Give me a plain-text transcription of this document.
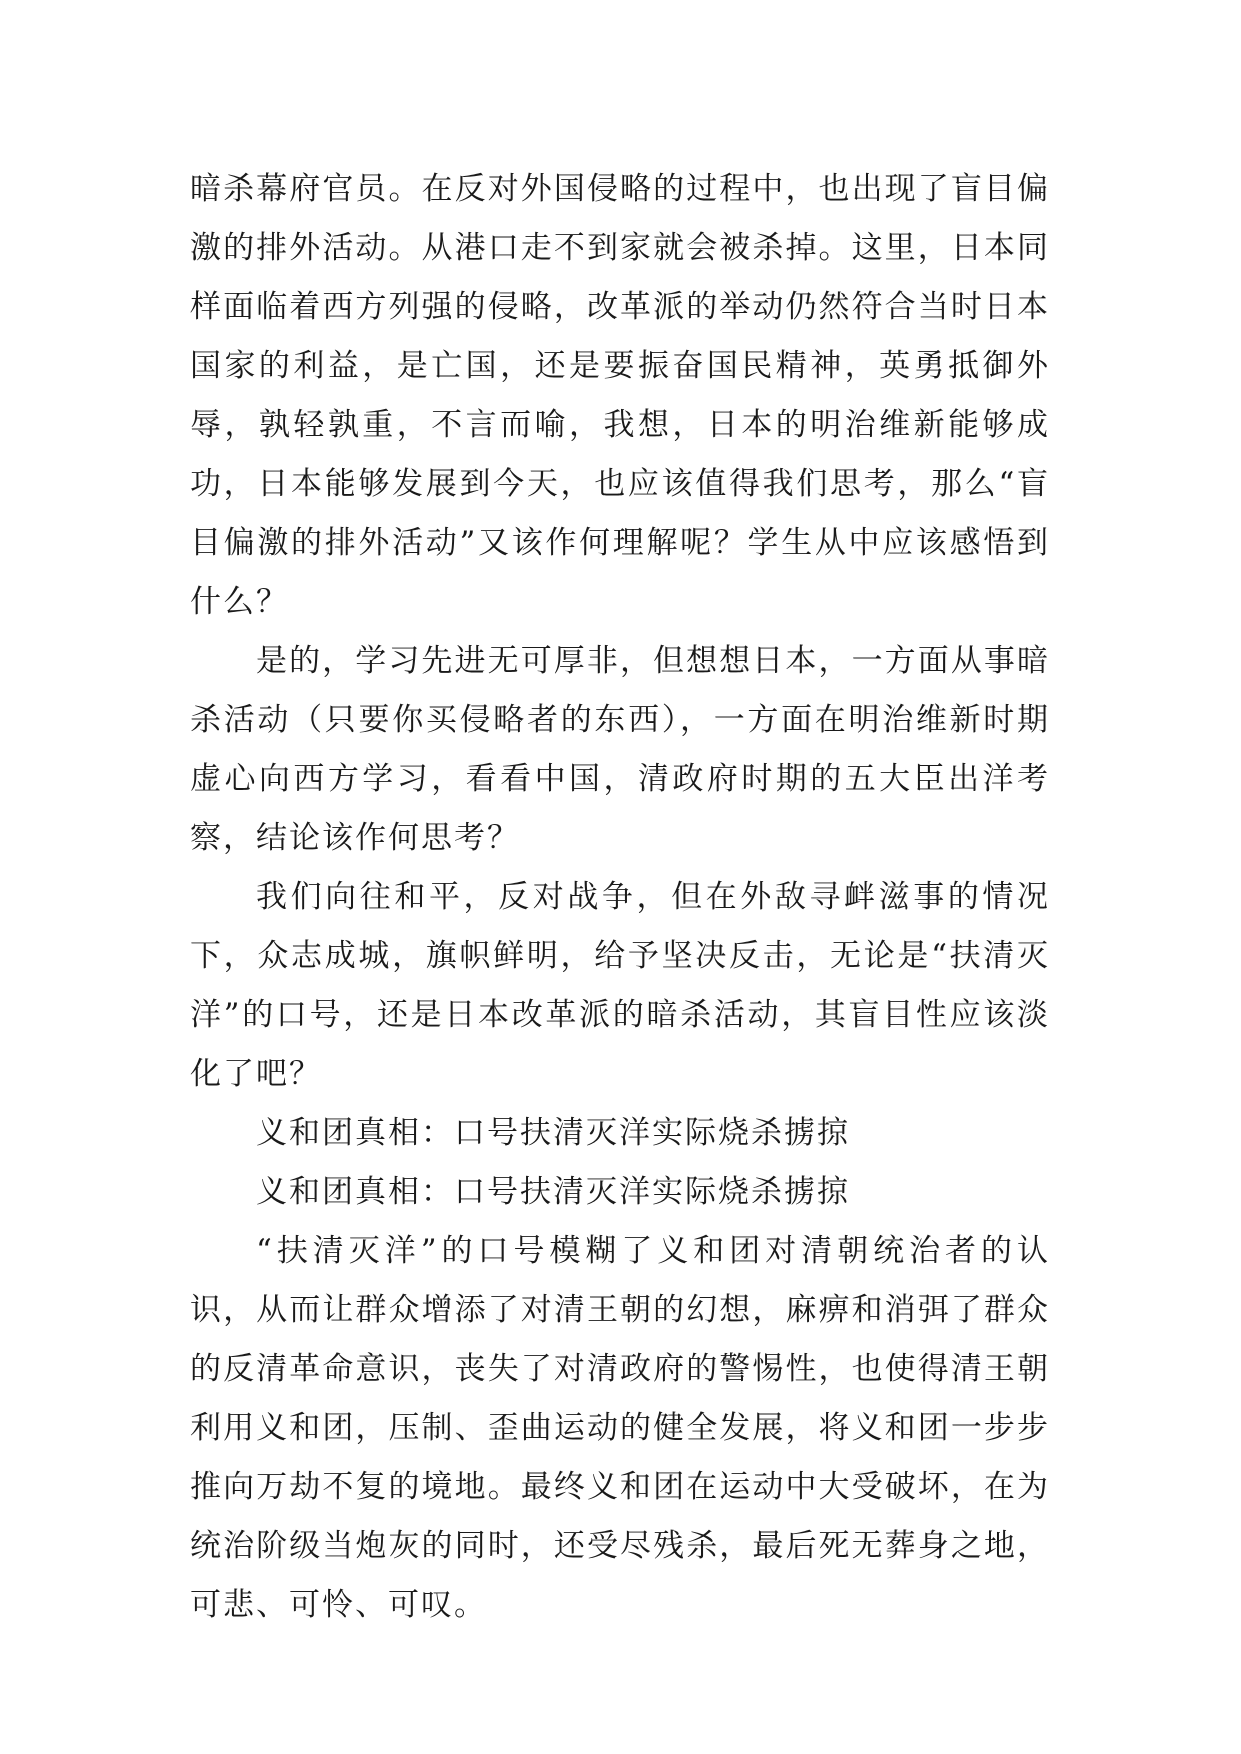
暗杀幕府官员。在反对外国侵略的过程中，也出现了盲目偏激的排外活动。从港口走不到家就会被杀掉。这里，日本同样面临着西方列强的侵略，改革派的举动仍然符合当时日本国家的利益，是亡国，还是要振奋国民精神，英勇抵御外辱，孰轻孰重，不言而喻，我想，日本的明治维新能够成功，日本能够发展到今天，也应该值得我们思考，那么“盲目偏激的排外活动”又该作何理解呢？学生从中应该感悟到什么？

是的，学习先进无可厚非，但想想日本，一方面从事暗杀活动（只要你买侵略者的东西），一方面在明治维新时期虚心向西方学习，看看中国，清政府时期的五大臣出洋考察，结论该作何思考？

我们向往和平，反对战争，但在外敌寻衅滋事的情况下，众志成城，旗帜鲜明，给予坚决反击，无论是“扶清灭洋”的口号，还是日本改革派的暗杀活动，其盲目性应该淡化了吧？

义和团真相：口号扶清灭洋实际烧杀掳掠

义和团真相：口号扶清灭洋实际烧杀掳掠

“扶清灭洋”的口号模糊了义和团对清朝统治者的认识，从而让群众增添了对清王朝的幻想，麻痹和消弭了群众的反清革命意识，丧失了对清政府的警惕性，也使得清王朝利用义和团，压制、歪曲运动的健全发展，将义和团一步步推向万劫不复的境地。最终义和团在运动中大受破坏，在为统治阶级当炮灰的同时，还受尽残杀，最后死无葬身之地，可悲、可怜、可叹。
